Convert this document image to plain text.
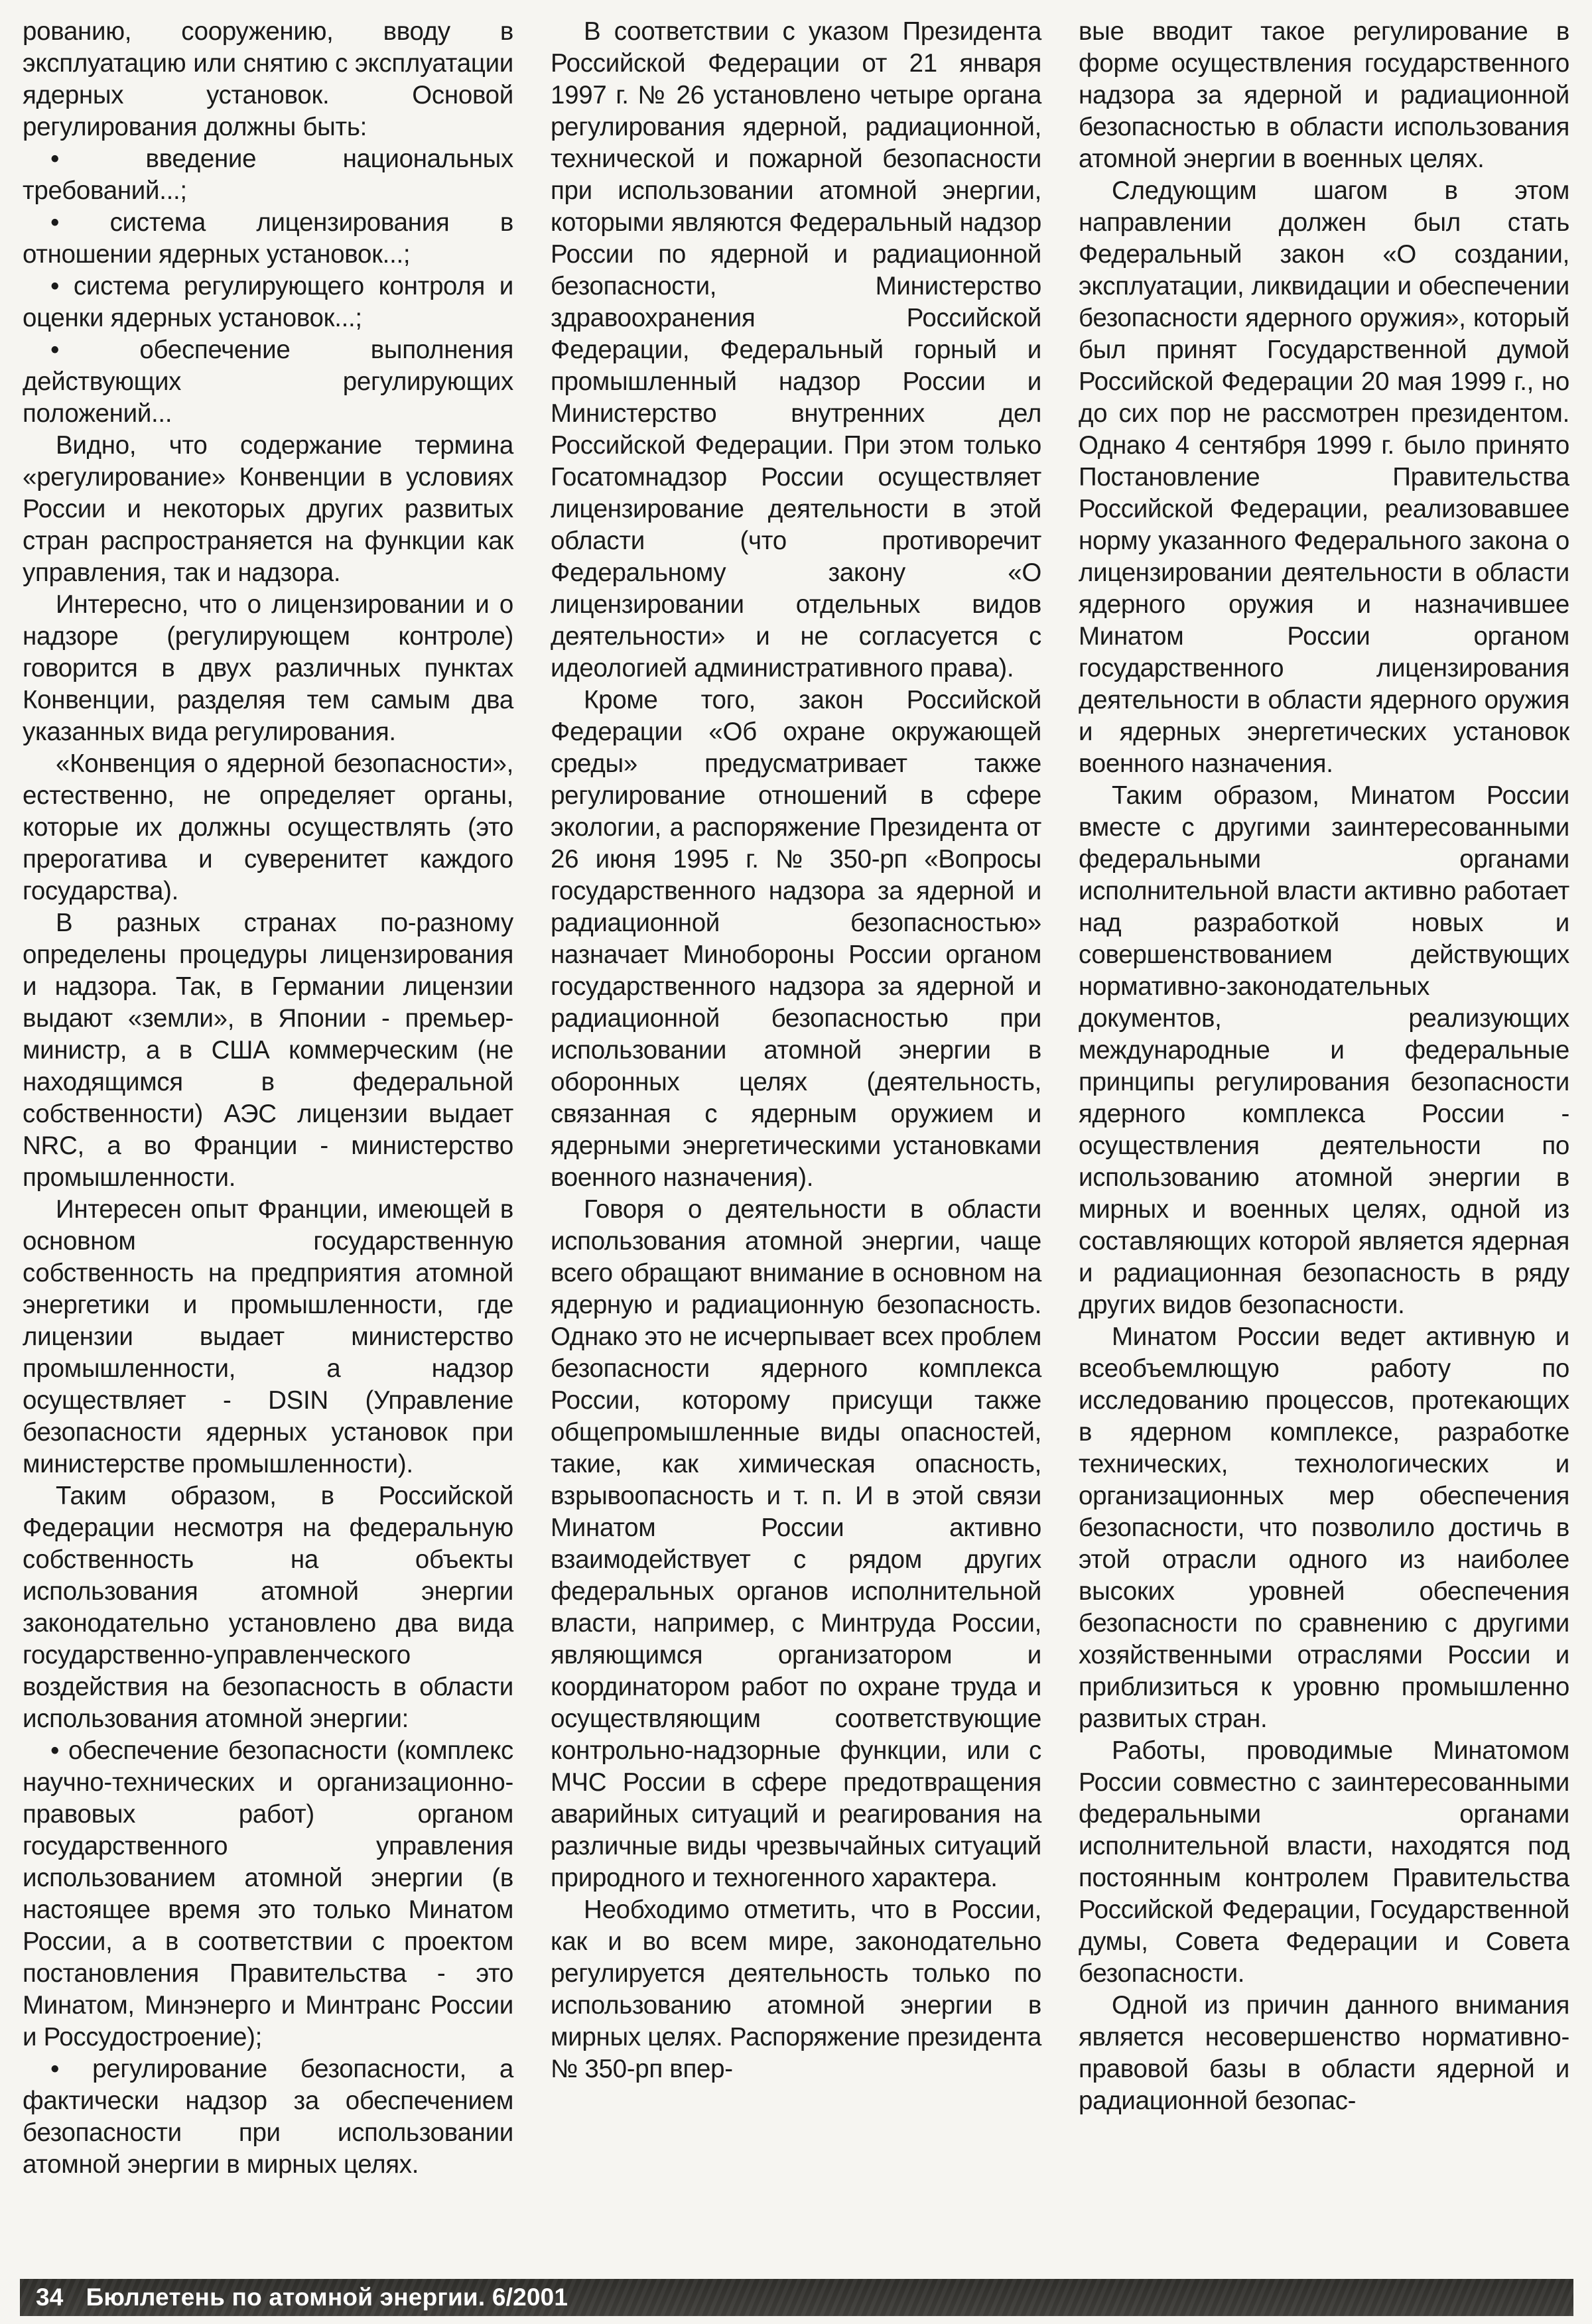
рованию, сооружению, вводу в эксплуатацию или снятию с эксплуатации ядерных установок. Основой регулирования должны быть:

• введение национальных требований...;

• система лицензирования в отношении ядерных установок...;

• система регулирующего контроля и оценки ядерных установок...;

• обеспечение выполнения действующих регулирующих положений...

Видно, что содержание термина «регулирование» Конвенции в условиях России и некоторых других развитых стран распространяется на функции как управления, так и надзора.

Интересно, что о лицензировании и о надзоре (регулирующем контроле) говорится в двух различных пунктах Конвенции, разделяя тем самым два указанных вида регулирования.

«Конвенция о ядерной безопасности», естественно, не определяет органы, которые их должны осуществлять (это прерогатива и суверенитет каждого государства).

В разных странах по-разному определены процедуры лицензирования и надзора. Так, в Германии лицензии выдают «земли», в Японии - премьер-министр, а в США коммерческим (не находящимся в федеральной собственности) АЭС лицензии выдает NRC, а во Франции - министерство промышленности.

Интересен опыт Франции, имеющей в основном государственную собственность на предприятия атомной энергетики и промышленности, где лицензии выдает министерство промышленности, а надзор осуществляет - DSIN (Управление безопасности ядерных установок при министерстве промышленности).

Таким образом, в Российской Федерации несмотря на федеральную собственность на объекты использования атомной энергии законодательно установлено два вида государственно-управленческого воздействия на безопасность в области использования атомной энергии:

• обеспечение безопасности (комплекс научно-технических и организационно-правовых работ) органом государственного управления использованием атомной энергии (в настоящее время это только Минатом России, а в соответствии с проектом постановления Правительства - это Минатом, Минэнерго и Минтранс России и Россудостроение);

• регулирование безопасности, а фактически надзор за обеспечением безопасности при использовании атомной энергии в мирных целях.

В соответствии с указом Президента Российской Федерации от 21 января 1997 г. № 26 установлено четыре органа регулирования ядерной, радиационной, технической и пожарной безопасности при использовании атомной энергии, которыми являются Федеральный надзор России по ядерной и радиационной безопасности, Министерство здравоохранения Российской Федерации, Федеральный горный и промышленный надзор России и Министерство внутренних дел Российской Федерации. При этом только Госатомнадзор России осуществляет лицензирование деятельности в этой области (что противоречит Федеральному закону «О лицензировании отдельных видов деятельности» и не согласуется с идеологией административного права).

Кроме того, закон Российской Федерации «Об охране окружающей среды» предусматривает также регулирование отношений в сфере экологии, а распоряжение Президента от 26 июня 1995 г. № 350-рп «Вопросы государственного надзора за ядерной и радиационной безопасностью» назначает Минобороны России органом государственного надзора за ядерной и радиационной безопасностью при использовании атомной энергии в оборонных целях (деятельность, связанная с ядерным оружием и ядерными энергетическими установками военного назначения).

Говоря о деятельности в области использования атомной энергии, чаще всего обращают внимание в основном на ядерную и радиационную безопасность. Однако это не исчерпывает всех проблем безопасности ядерного комплекса России, которому присущи также общепромышленные виды опасностей, такие, как химическая опасность, взрывоопасность и т. п. И в этой связи Минатом России активно взаимодействует с рядом других федеральных органов исполнительной власти, например, с Минтруда России, являющимся организатором и координатором работ по охране труда и осуществляющим соответствующие контрольно-надзорные функции, или с МЧС России в сфере предотвращения аварийных ситуаций и реагирования на различные виды чрезвычайных ситуаций природного и техногенного характера.

Необходимо отметить, что в России, как и во всем мире, законодательно регулируется деятельность только по использованию атомной энергии в мирных целях. Распоряжение президента № 350-рп впер-

вые вводит такое регулирование в форме осуществления государственного надзора за ядерной и радиационной безопасностью в области использования атомной энергии в военных целях.

Следующим шагом в этом направлении должен был стать Федеральный закон «О создании, эксплуатации, ликвидации и обеспечении безопасности ядерного оружия», который был принят Государственной думой Российской Федерации 20 мая 1999 г., но до сих пор не рассмотрен президентом. Однако 4 сентября 1999 г. было принято Постановление Правительства Российской Федерации, реализовавшее норму указанного Федерального закона о лицензировании деятельности в области ядерного оружия и назначившее Минатом России органом государственного лицензирования деятельности в области ядерного оружия и ядерных энергетических установок военного назначения.

Таким образом, Минатом России вместе с другими заинтересованными федеральными органами исполнительной власти активно работает над разработкой новых и совершенствованием действующих нормативно-законодательных документов, реализующих международные и федеральные принципы регулирования безопасности ядерного комплекса России - осуществления деятельности по использованию атомной энергии в мирных и военных целях, одной из составляющих которой является ядерная и радиационная безопасность в ряду других видов безопасности.

Минатом России ведет активную и всеобъемлющую работу по исследованию процессов, протекающих в ядерном комплексе, разработке технических, технологических и организационных мер обеспечения безопасности, что позволило достичь в этой отрасли одного из наиболее высоких уровней обеспечения безопасности по сравнению с другими хозяйственными отраслями России и приблизиться к уровню промышленно развитых стран.

Работы, проводимые Минатомом России совместно с заинтересованными федеральными органами исполнительной власти, находятся под постоянным контролем Правительства Российской Федерации, Государственной думы, Совета Федерации и Совета безопасности.

Одной из причин данного внимания является несовершенство нормативно-правовой базы в области ядерной и радиационной безопас-

34 Бюллетень по атомной энергии. 6/2001
